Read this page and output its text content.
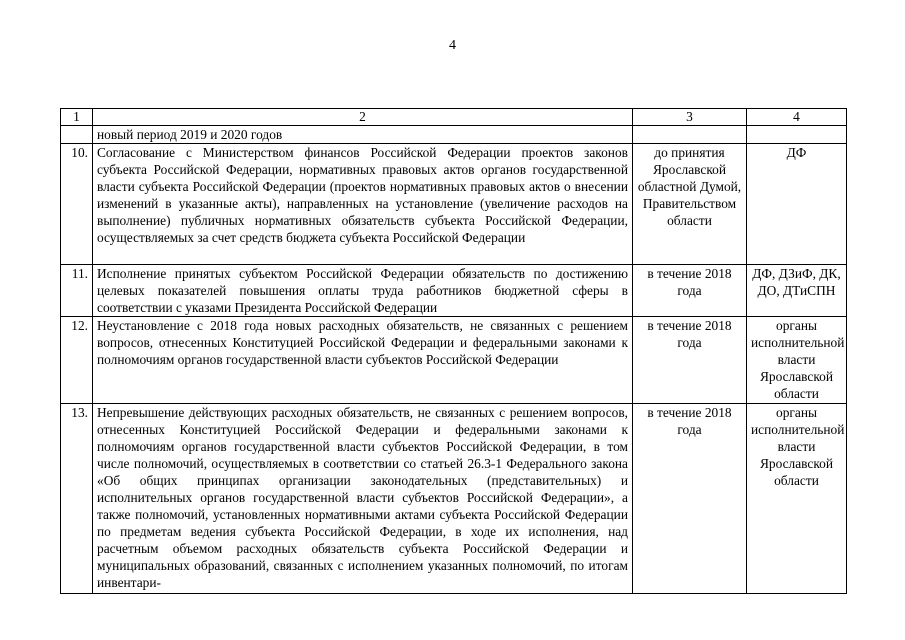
4
1	2	3	4
	новый период 2019 и 2020 годов		
10.	Согласование с Министерством финансов Российской Федерации проектов законов субъекта Российской Федерации, нормативных правовых актов органов государственной власти субъекта Российской Федерации (проектов нормативных правовых актов о внесении изменений в указанные акты), направленных на установление (увеличение расходов на выполнение) публичных нормативных обязательств субъекта Российской Федерации, осуществляемых за счет средств бюджета субъекта Российской Федерации	до принятия Ярославской областной Думой, Правительством области	ДФ
11.	Исполнение принятых субъектом Российской Федерации обязательств по достижению целевых показателей повышения оплаты труда работников бюджетной сферы в соответствии с указами Президента Российской Федерации	в течение 2018 года	ДФ, ДЗиФ, ДК, ДО, ДТиСПН
12.	Неустановление с 2018 года новых расходных обязательств, не связанных с решением вопросов, отнесенных Конституцией Российской Федерации и федеральными законами к полномочиям органов государственной власти субъектов Российской Федерации	в течение 2018 года	органы исполнительной власти Ярославской области
13.	Непревышение действующих расходных обязательств, не связанных с решением вопросов, отнесенных Конституцией Российской Федерации и федеральными законами к полномочиям органов государственной власти субъектов Российской Федерации, в том числе полномочий, осуществляемых в соответствии со статьей 26.3-1 Федерального закона «Об общих принципах организации законодательных (представительных) и исполнительных органов государственной власти субъектов Российской Федерации», а также полномочий, установленных нормативными актами субъекта Российской Федерации по предметам ведения субъекта Российской Федерации, в ходе их исполнения, над расчетным объемом расходных обязательств субъекта Российской Федерации и муниципальных образований, связанных с исполнением указанных полномочий, по итогам инвентари-	в течение 2018 года	органы исполнительной власти Ярославской области
